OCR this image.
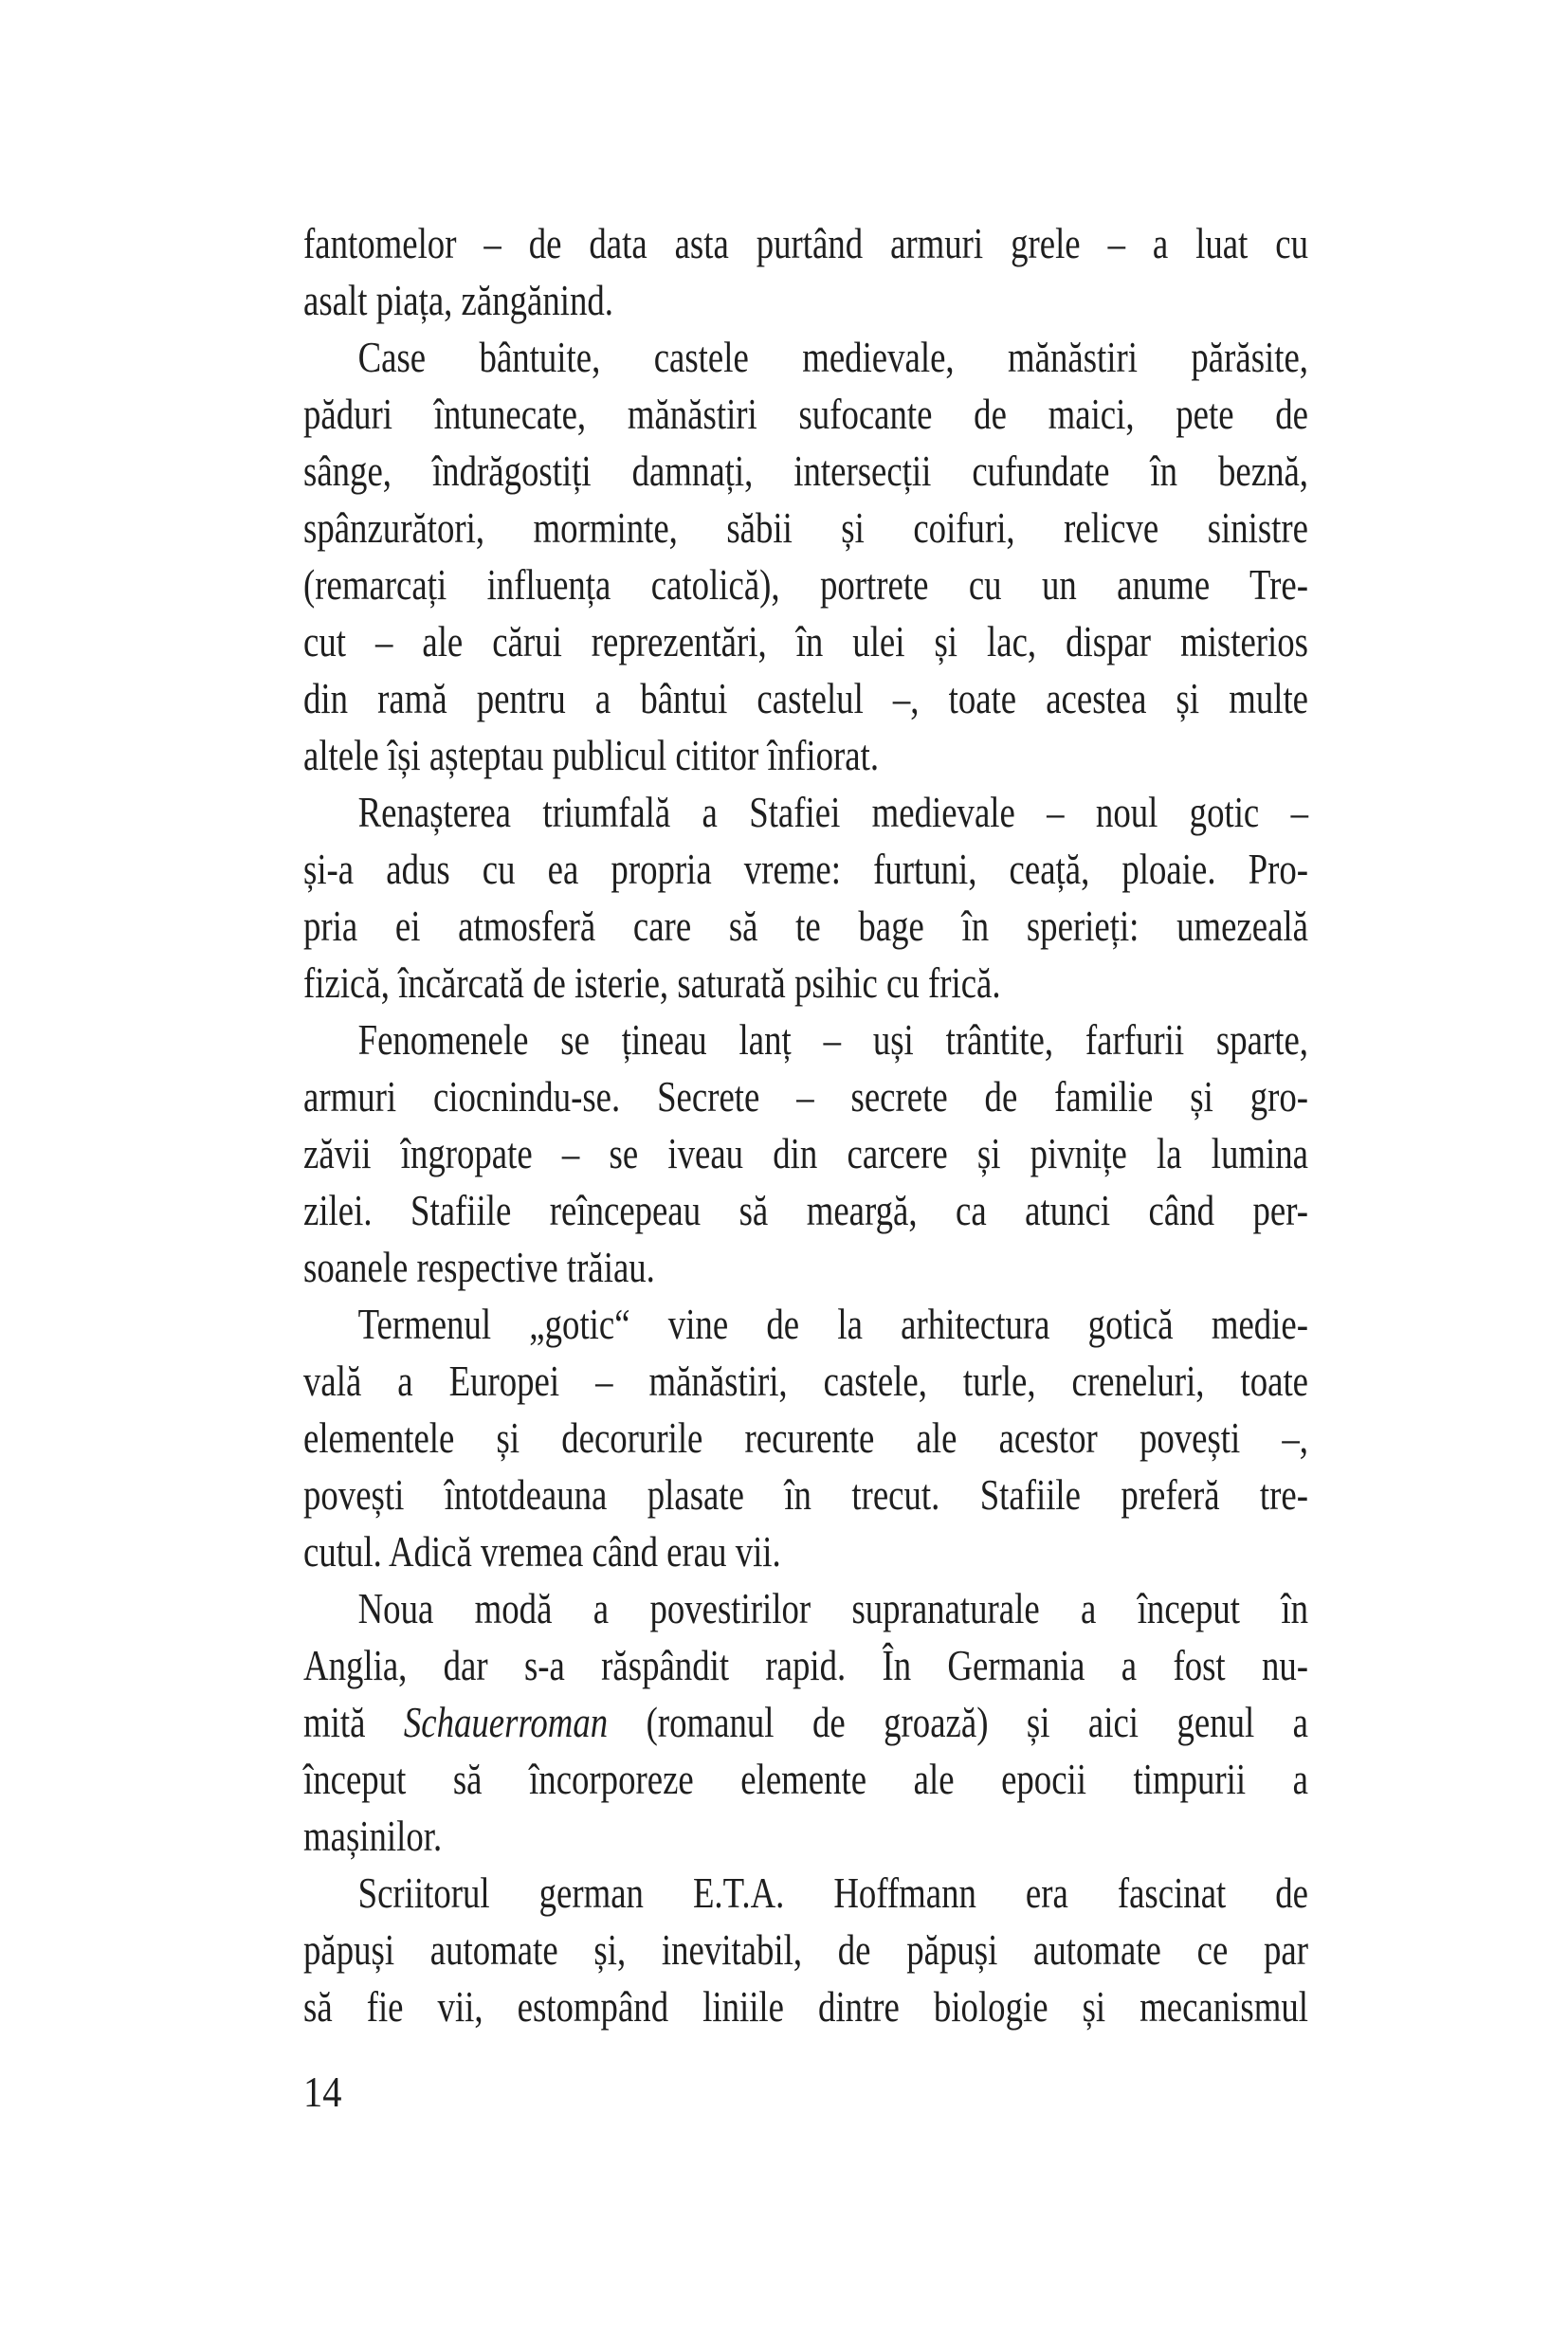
fantomelor – de data asta purtând armuri grele – a luat cu
asalt piața, zăngănind.
Case bântuite, castele medievale, mănăstiri părăsite,
păduri întunecate, mănăstiri sufocante de maici, pete de
sânge, îndrăgostiți damnați, intersecții cufundate în beznă,
spânzurători, morminte, săbii și coifuri, relicve sinistre
(remarcați influența catolică), portrete cu un anume Tre-
cut – ale cărui reprezentări, în ulei și lac, dispar misterios
din ramă pentru a bântui castelul –, toate acestea și multe
altele își așteptau publicul cititor înfiorat.
Renașterea triumfală a Stafiei medievale – noul gotic –
și-a adus cu ea propria vreme: furtuni, ceață, ploaie. Pro-
pria ei atmosferă care să te bage în sperieți: umezeală
fizică, încărcată de isterie, saturată psihic cu frică.
Fenomenele se țineau lanț – uși trântite, farfurii sparte,
armuri ciocnindu-se. Secrete – secrete de familie și gro-
zăvii îngropate – se iveau din carcere și pivnițe la lumina
zilei. Stafiile reîncepeau să meargă, ca atunci când per-
soanele respective trăiau.
Termenul „gotic“ vine de la arhitectura gotică medie-
vală a Europei – mănăstiri, castele, turle, creneluri, toate
elementele și decorurile recurente ale acestor povești –,
povești întotdeauna plasate în trecut. Stafiile preferă tre-
cutul. Adică vremea când erau vii.
Noua modă a povestirilor supranaturale a început în
Anglia, dar s-a răspândit rapid. În Germania a fost nu-
mită Schauerroman (romanul de groază) și aici genul a
început să încorporeze elemente ale epocii timpurii a
mașinilor.
Scriitorul german E.T.A. Hoffmann era fascinat de
păpuși automate și, inevitabil, de păpuși automate ce par
să fie vii, estompând liniile dintre biologie și mecanismul
14
